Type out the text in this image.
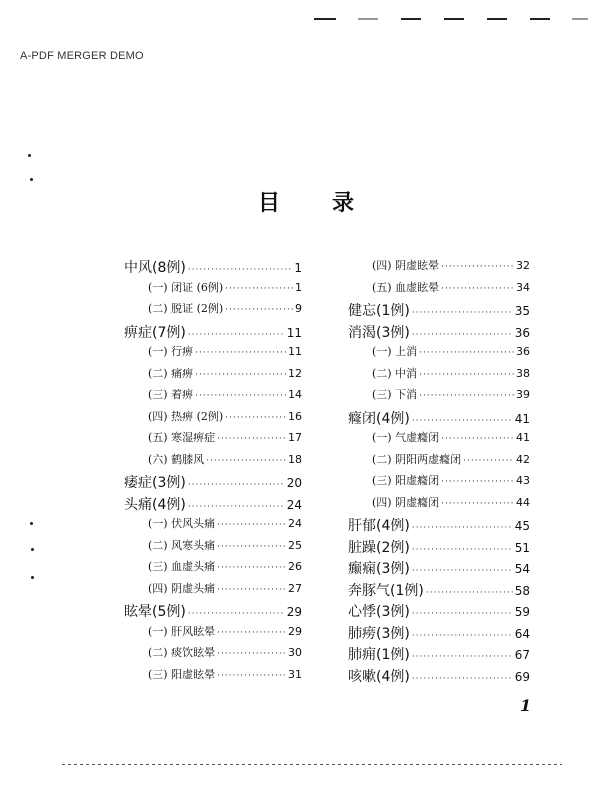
A-PDF MERGER DEMO
目录
中风(8例) ·····	1
(一) 闭证 (6例) ·····	1
(二) 脱证 (2例) ·····	9
痹症(7例) ·····	11
(一) 行痹 ·····	11
(二) 痛痹 ·····	12
(三) 着痹 ·····	14
(四) 热痹 (2例) ·····	16
(五) 寒湿痹症 ·····	17
(六) 鹤膝风 ·····	18
痿症(3例) ·····	20
头痛(4例) ·····	24
(一) 伏风头痛 ·····	24
(二) 风寒头痛 ·····	25
(三) 血虚头痛 ·····	26
(四) 阴虚头痛 ·····	27
眩晕(5例) ·····	29
(一) 肝风眩晕 ·····	29
(二) 痰饮眩晕 ·····	30
(三) 阳虚眩晕 ·····	31
(四) 阴虚眩晕 ·····	32
(五) 血虚眩晕 ·····	34
健忘(1例) ·····	35
消渴(3例) ·····	36
(一) 上消 ·····	36
(二) 中消 ·····	38
(三) 下消 ·····	39
癃闭(4例) ·····	41
(一) 气虚癃闭 ·····	41
(二) 阴阳两虚癃闭 ·····	42
(三) 阳虚癃闭 ·····	43
(四) 阴虚癃闭 ·····	44
肝郁(4例) ·····	45
脏躁(2例) ·····	51
癫痫(3例) ·····	54
奔豚气(1例) ·····	58
心悸(3例) ·····	59
肺痨(3例) ·····	64
肺痈(1例) ·····	67
咳嗽(4例) ·····	69
1
